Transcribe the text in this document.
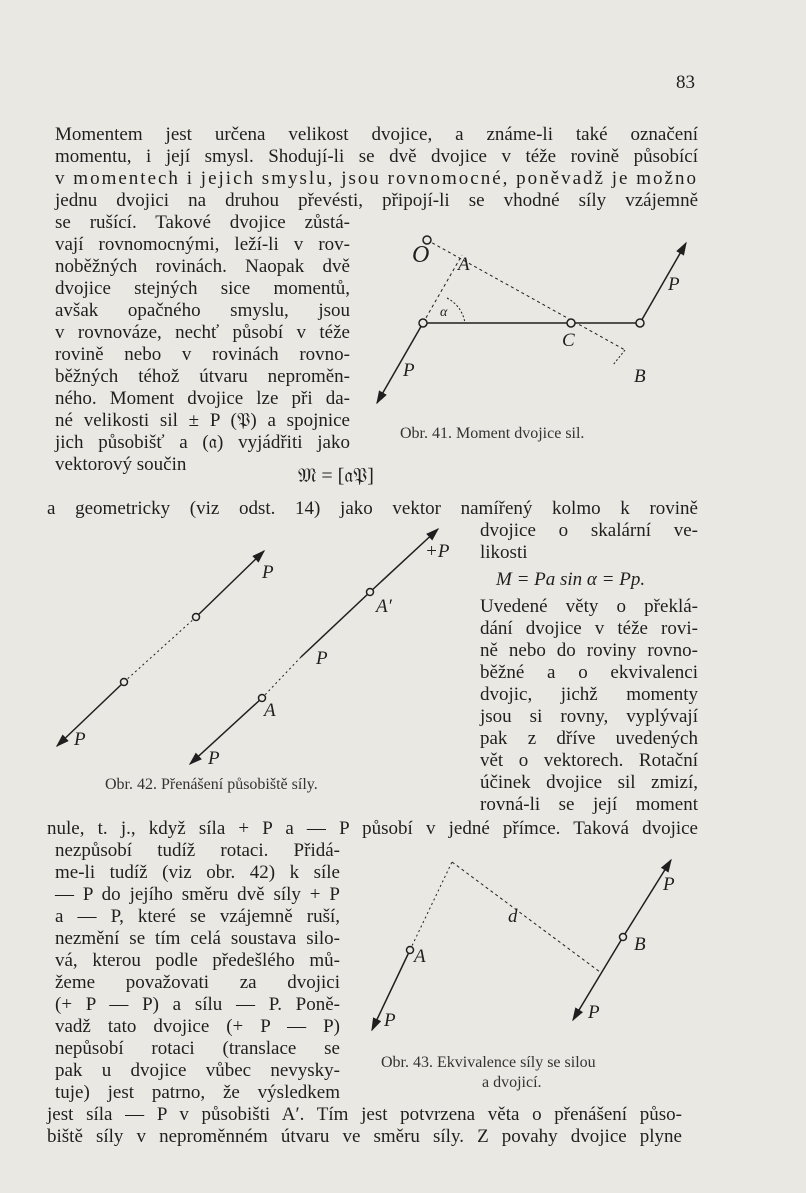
83
Momentem jest určena velikost dvojice, a známe-li také označení
momentu, i její smysl. Shodují-li se dvě dvojice v téže rovině působící
v momentech i jejich smyslu, jsou rovnomocné, poněvadž je možno
jednu dvojici na druhou převésti, připojí-li se vhodné síly vzájemně
se rušící. Takové dvojice zůstá-
vají rovnomocnými, leží-li v rov-
noběžných rovinách. Naopak dvě
dvojice stejných sice momentů,
avšak opačného smyslu, jsou
v rovnováze, nechť působí v téže
rovině nebo v rovinách rovno-
běžných téhož útvaru neproměn-
ného. Moment dvojice lze při da-
né velikosti sil ± P (𝔓) a spojnice
jich působišť a (𝔞) vyjádřiti jako
vektorový součin
𝔐 = [𝔞𝔓]
a geometricky (viz odst. 14) jako vektor namířený kolmo k rovině
dvojice o skalární ve-
likosti
M = Pa sin α = Pp.
Uvedené věty o překlá-
dání dvojice v téže rovi-
ně nebo do roviny rovno-
běžné a o ekvivalenci
dvojic, jichž momenty
jsou si rovny, vyplývají
pak z dříve uvedených
vět o vektorech. Rotační
účinek dvojice sil zmizí,
rovná-li se její moment
nule, t. j., když síla + P a — P působí v jedné přímce. Taková dvojice
nezpůsobí tudíž rotaci. Přidá-
me-li tudíž (viz obr. 42) k síle
— P do jejího směru dvě síly + P
a — P, které se vzájemně ruší,
nezmění se tím celá soustava silo-
vá, kterou podle předešlého mů-
žeme považovati za dvojici
(+ P — P) a sílu — P. Poně-
vadž tato dvojice (+ P — P)
nepůsobí rotaci (translace se
pak u dvojice vůbec nevysky-
tuje) jest patrno, že výsledkem
jest síla — P v působišti A′. Tím jest potvrzena věta o přenášení půso-
biště síly v neproměnném útvaru ve směru síly. Z povahy dvojice plyne
O A
α
C
B
P
P
Obr. 41. Moment dvojice sil.
P
P
A′
+P
P
A
P
Obr. 42. Přenášení působiště síly.
P
B
d
P
A
P
Obr. 43. Ekvivalence síly se silou
a dvojicí.
